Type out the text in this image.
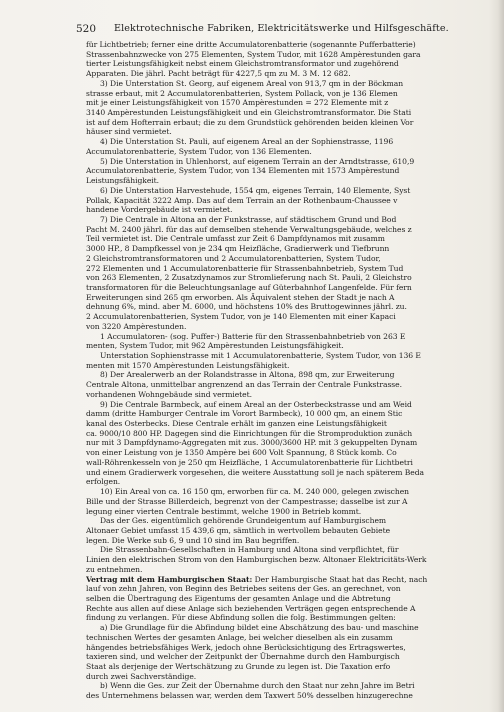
520 Elektrotechnische Fabriken, Elektricitätswerke und Hilfsgeschäfte.
für Lichtbetrieb; ferner eine dritte Accumulatorenbatterie (sogenannte Pufferbatterie)
Strassenbahnzwecke von 275 Elementen, System Tudor, mit 1628 Ampèrestunden gara
tierter Leistungsfähigkeit nebst einem Gleichstromtransformator und zugehörend
Apparaten. Die jährl. Pacht beträgt für 4227,5 qm zu M. 3 M. 12 682.
3) Die Unterstation St. Georg, auf eigenem Areal von 913,7 qm in der Böckman
strasse erbaut, mit 2 Accumulatorenbatterien, System Pollack, von je 136 Elemen
mit je einer Leistungsfähigkeit von 1570 Ampèrestunden = 272 Elemente mit z
3140 Ampèrestunden Leistungsfähigkeit und ein Gleichstromtransformator. Die Stati
ist auf dem Hofterrain erbaut; die zu dem Grundstück gehörenden beiden kleinen Vor
häuser sind vermietet.
4) Die Unterstation St. Pauli, auf eigenem Areal an der Sophienstrasse, 1196
Accumulatorenbatterie, System Tudor, von 136 Elementen.
5) Die Unterstation in Uhlenhorst, auf eigenem Terrain an der Arndtstrasse, 610,9
Accumulatorenbatterie, System Tudor, von 134 Elementen mit 1573 Ampèrestund
Leistungsfähigkeit.
6) Die Unterstation Harvestehude, 1554 qm, eigenes Terrain, 140 Elemente, Syst
Pollak, Kapacität 3222 Amp. Das auf dem Terrain an der Rothenbaum-Chaussee v
handene Vordergebäude ist vermietet.
7) Die Centrale in Altona an der Funkstrasse, auf städtischem Grund und Bod
Pacht M. 2400 jährl. für das auf demselben stehende Verwaltungsgebäude, welches z
Teil vermietet ist. Die Centrale umfasst zur Zeit 6 Dampfdynamos mit zusamm
3000 HP., 8 Dampfkessel von je 234 qm Heizfläche, Gradierwerk und Tiefbrunn
2 Gleichstromtransformatoren und 2 Accumulatorenbatterien, System Tudor,
272 Elementen und 1 Accumulatorenbatterie für Strassenbahnbetrieb, System Tud
von 263 Elementen, 2 Zusatzdynamos zur Stromlieferung nach St. Pauli, 2 Gleichstro
transformatoren für die Beleuchtungsanlage auf Güterbahnhof Langenfelde. Für fern
Erweiterungen sind 265 qm erworben. Als Äquivalent stehen der Stadt je nach A
dehnung 6%, mind. aber M. 6000, und höchstens 10% des Bruttogewinnes jährl. zu.
2 Accumulatorenbatterien, System Tudor, von je 140 Elementen mit einer Kapaci
von 3220 Ampèrestunden.
1 Accumulatoren- (sog. Puffer-) Batterie für den Strassenbahnbetrieb von 263 E
menten, System Tudor, mit 962 Ampèrestunden Leistungsfähigkeit.
Unterstation Sophienstrasse mit 1 Accumulatorenbatterie, System Tudor, von 136 E
menten mit 1570 Ampèrestunden Leistungsfähigkeit.
8) Der Arealerwerb an der Rolandstrasse in Altona, 898 qm, zur Erweiterung
Centrale Altona, unmittelbar angrenzend an das Terrain der Centrale Funkstrasse.
vorhandenen Wohngebäude sind vermietet.
9) Die Centrale Barmbeck, auf einem Areal an der Osterbeckstrasse und am Weid
damm (dritte Hamburger Centrale im Vorort Barmbeck), 10 000 qm, an einem Stic
kanal des Osterbecks. Diese Centrale erhält im ganzen eine Leistungsfähigkeit
ca. 9000/10 800 HP. Dagegen sind die Einrichtungen für die Stromproduktion zunäch
nur mit 3 Dampfdynamo-Aggregaten mit zus. 3000/3600 HP. mit 3 gekuppelten Dynam
von einer Leistung von je 1350 Ampère bei 600 Volt Spannung, 8 Stück komb. Co
wall-Röhrenkesseln von je 250 qm Heizfläche, 1 Accumulatorenbatterie für Lichtbetri
und einem Gradierwerk vorgesehen, die weitere Ausstattung soll je nach späterem Beda
erfolgen.
10) Ein Areal von ca. 16 150 qm, erworben für ca. M. 240 000, gelegen zwischen
Bille und der Strasse Billerdeich, begrenzt von der Campestrasse; dasselbe ist zur A
legung einer vierten Centrale bestimmt, welche 1900 in Betrieb kommt.
Das der Ges. eigentümlich gehörende Grundeigentum auf Hamburgischem
Altonaer Gebiet umfasst 15 439,6 qm, sämtlich in wertvollem bebauten Gebiete
legen. Die Werke sub 6, 9 und 10 sind im Bau begriffen.
Die Strassenbahn-Gesellschaften in Hamburg und Altona sind verpflichtet, für
Linien den elektrischen Strom von den Hamburgischen bezw. Altonaer Elektricitäts-Werk
zu entnehmen.
Vertrag mit dem Hamburgischen Staat: Der Hamburgische Staat hat das Recht, nach
lauf von zehn Jahren, von Beginn des Betriebes seitens der Ges. an gerechnet, von
selben die Übertragung des Eigentums der gesamten Anlage und die Abtretung
Rechte aus allen auf diese Anlage sich beziehenden Verträgen gegen entsprechende A
findung zu verlangen. Für diese Abfindung sollen die folg. Bestimmungen gelten:
a) Die Grundlage für die Abfindung bildet eine Abschätzung des bau- und maschine
technischen Wertes der gesamten Anlage, bei welcher dieselben als ein zusamm
hängendes betriebsfähiges Werk, jedoch ohne Berücksichtigung des Ertragswertes,
taxieren sind, und welcher der Zeitpunkt der Übernahme durch den Hamburgisch
Staat als derjenige der Wertschätzung zu Grunde zu legen ist. Die Taxation erfo
durch zwei Sachverständige.
b) Wenn die Ges. zur Zeit der Übernahme durch den Staat nur zehn Jahre im Betri
des Unternehmens belassen war, werden dem Taxwert 50% desselben hinzugerechne
